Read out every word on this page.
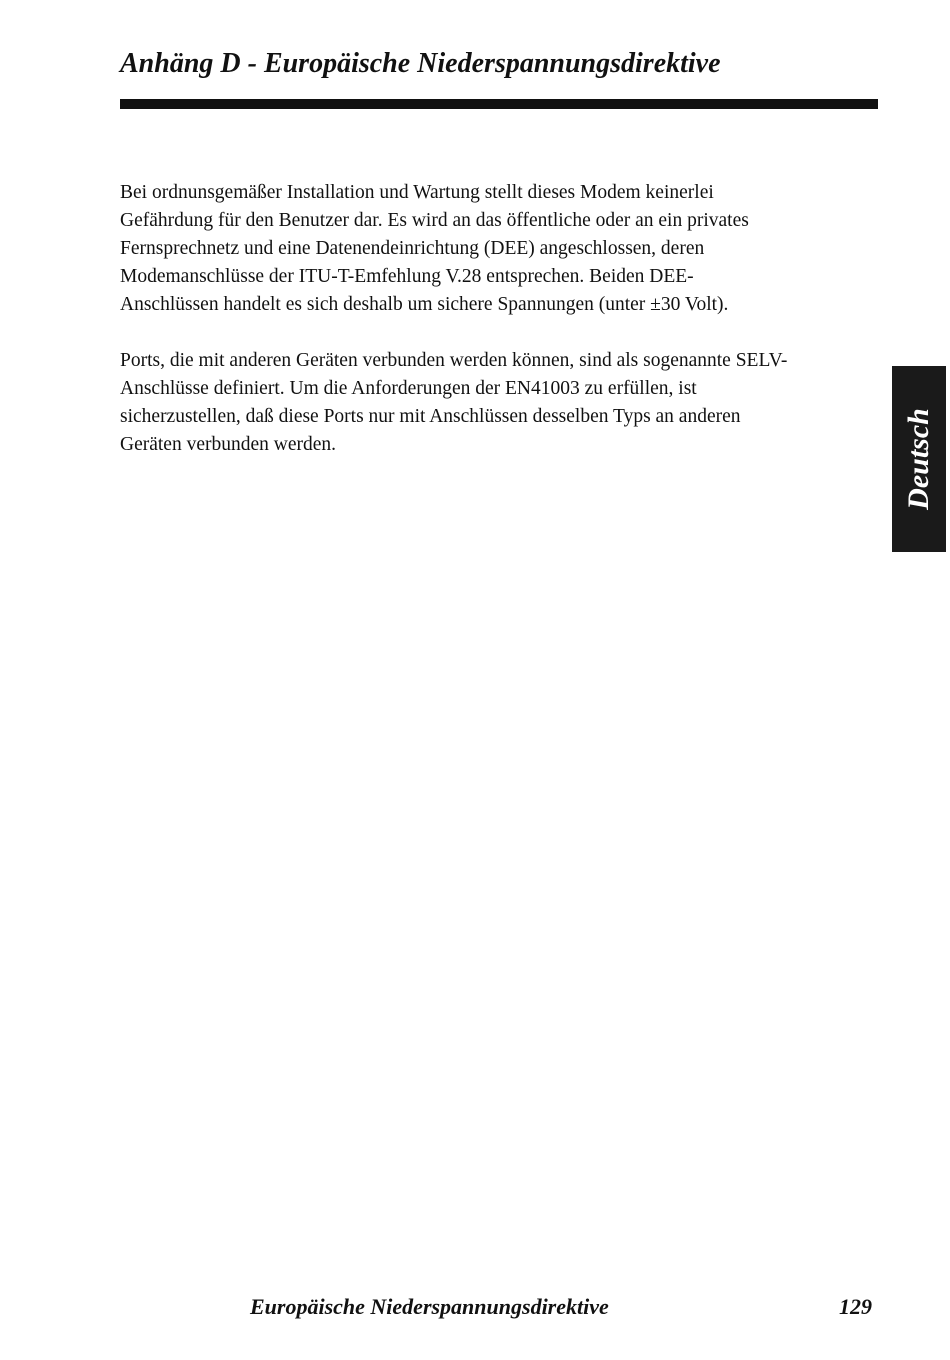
Anhäng D - Europäische Niederspannungsdirektive
Bei ordnunsgemäßer Installation und Wartung stellt dieses Modem keinerlei
Gefährdung für den Benutzer dar. Es wird an das öffentliche oder an ein privates
Fernsprechnetz und eine Datenendeinrichtung (DEE) angeschlossen, deren
Modemanschlüsse der ITU-T-Emfehlung V.28 entsprechen. Beiden DEE-
Anschlüssen handelt es sich deshalb um sichere Spannungen (unter ±30 Volt).
Ports, die mit anderen Geräten verbunden werden können, sind als sogenannte SELV-
Anschlüsse definiert. Um die Anforderungen der EN41003 zu erfüllen, ist
sicherzustellen, daß diese Ports nur mit Anschlüssen desselben Typs an anderen
Geräten verbunden werden.	Deutsch
Europäische Niederspannungsdirektive	129
